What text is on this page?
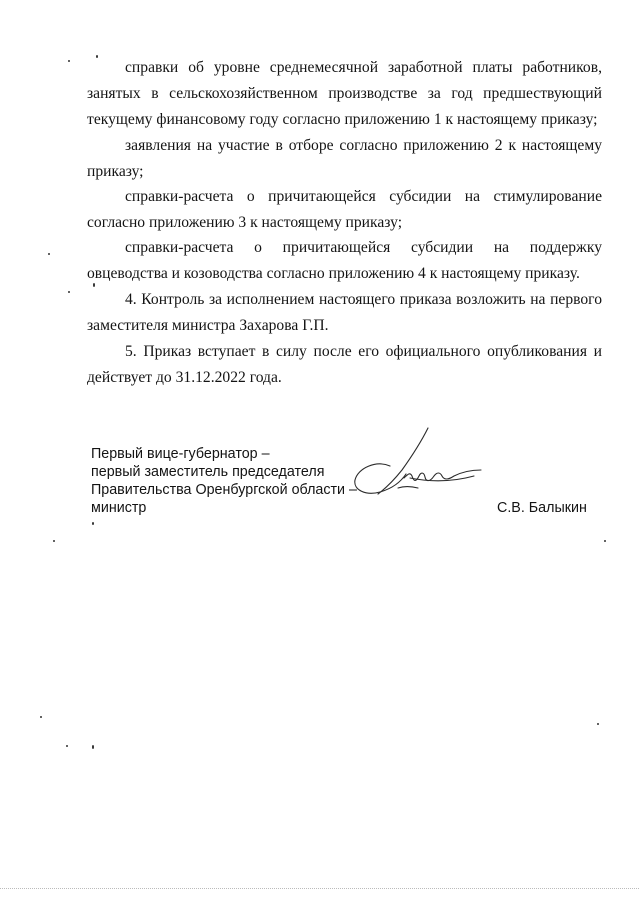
справки об уровне среднемесячной заработной платы работников, занятых в сельскохозяйственном производстве за год предшествующий текущему финансовому году согласно приложению 1 к настоящему приказу;
заявления на участие в отборе согласно приложению 2 к настоящему приказу;
справки-расчета о причитающейся субсидии на стимулирование согласно приложению 3 к настоящему приказу;
справки-расчета о причитающейся субсидии на поддержку овцеводства и козоводства согласно приложению 4 к настоящему приказу.
4. Контроль за исполнением настоящего приказа возложить на первого заместителя министра Захарова Г.П.
5. Приказ вступает в силу после его официального опубликования и действует до 31.12.2022 года.
Первый вице-губернатор –
первый заместитель председателя
Правительства Оренбургской области –
министр	С.В. Балыкин
